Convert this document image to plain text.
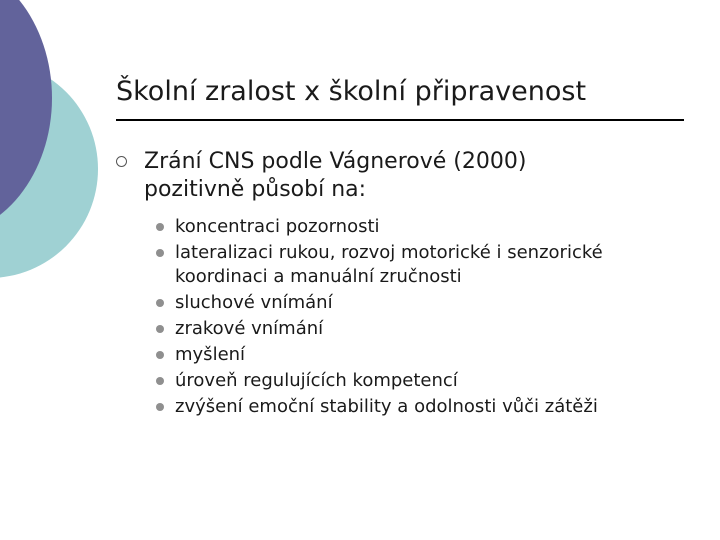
Školní zralost x školní připravenost
Zrání CNS podle Vágnerové (2000) pozitivně působí na:
koncentraci pozornosti
lateralizaci rukou, rozvoj motorické i senzorické koordinaci a manuální zručnosti
sluchové vnímání
zrakové vnímání
myšlení
úroveň regulujících kompetencí
zvýšení emoční stability a odolnosti vůči zátěži
